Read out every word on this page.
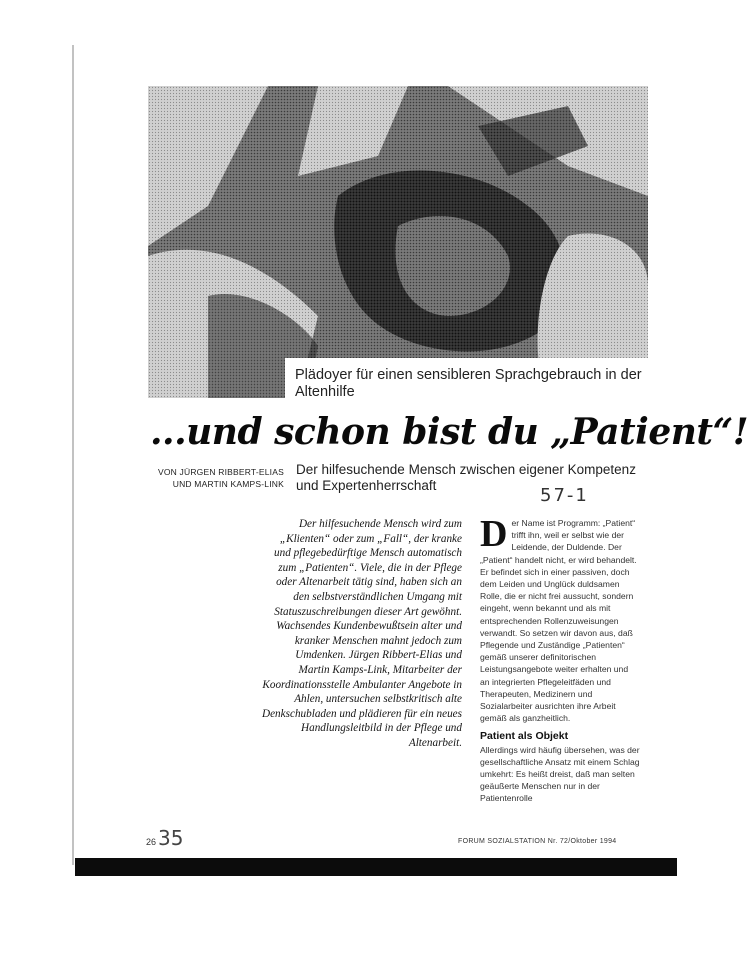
Plädoyer für einen sensibleren Sprachgebrauch in der Altenhilfe
...und schon bist du „Patient“!
VON JÜRGEN RIBBERT-ELIAS
UND MARTIN KAMPS-LINK
Der hilfesuchende Mensch zwischen eigener Kompetenz und Expertenherrschaft	57-1
Der hilfesuchende Mensch wird zum „Klienten“ oder zum „Fall“, der kranke und pflegebedürftige Mensch automatisch zum „Patienten“. Viele, die in der Pflege oder Altenarbeit tätig sind, haben sich an den selbstverständlichen Umgang mit Statuszuschreibungen dieser Art gewöhnt. Wachsendes Kundenbewußtsein alter und kranker Menschen mahnt jedoch zum Umdenken. Jürgen Ribbert-Elias und Martin Kamps-Link, Mitarbeiter der Koordinationsstelle Ambulanter Angebote in Ahlen, untersuchen selbstkritisch alte Denkschubladen und plädieren für ein neues Handlungsleitbild in der Pflege und Altenarbeit.
D er Name ist Programm: „Patient“ trifft ihn, weil er selbst wie der Leidende, der Duldende. Der „Patient“ handelt nicht, er wird behandelt. Er befindet sich in einer passiven, doch dem Leiden und Unglück duldsamen Rolle, die er nicht frei aussucht, sondern eingeht, wenn bekannt und als mit entsprechenden Rollenzuweisungen verwandt. So setzen wir davon aus, daß Pflegende und Zuständige „Patienten“ gemäß unserer definitorischen Leistungsangebote weiter erhalten und an integrierten Pflegeleitfäden und Therapeuten, Medizinern und Sozialarbeiter ausrichten ihre Arbeit gemäß als ganzheitlich.

Patient als Objekt

Allerdings wird häufig übersehen, was der gesellschaftliche Ansatz mit einem Schlag umkehrt: Es heißt dreist, daß man selten geäußerte Menschen nur in der Patientenrolle

26 35	FORUM SOZIALSTATION Nr. 72/Oktober 1994
